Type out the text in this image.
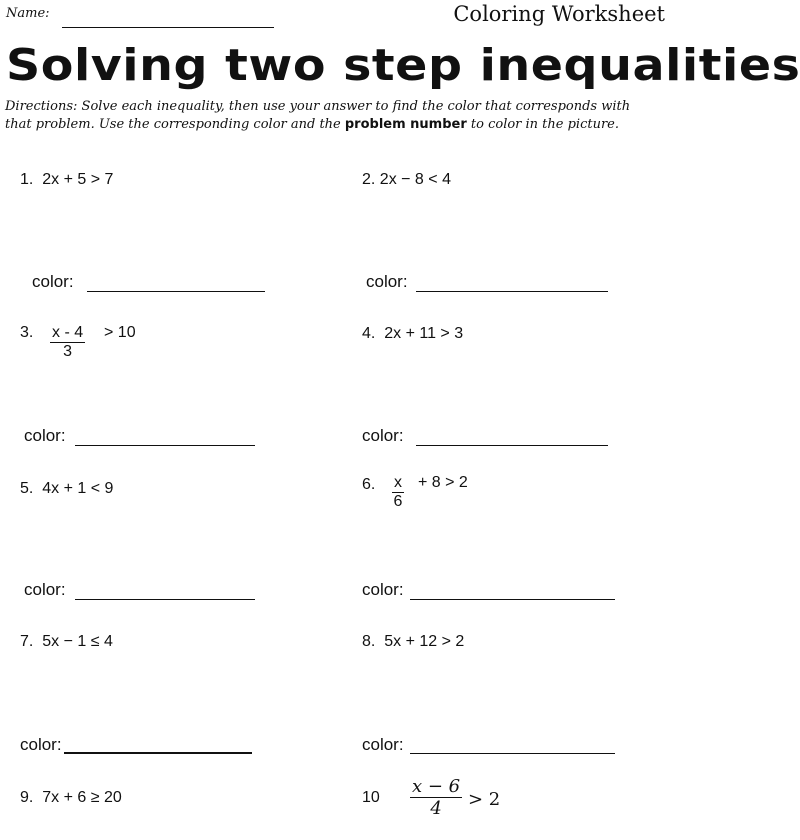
Name:	Coloring Worksheet
Solving two step inequalities
Directions: Solve each inequality, then use your answer to find the color that corresponds with that problem. Use the corresponding color and the problem number to color in the picture.
1. 2x + 5 > 7	2. 2x − 8 < 4
color:	color:
3. $\frac{x - 4}{3} > 10$	4. 2x + 11 > 3
color:	color:
5. 4x + 1 < 9	6. $\frac{x}{6} + 8 > 2$
color:	color:
7. 5x − 1 ≤ 4	8. 5x + 12 > 2
color:	color:
9. 7x + 6 ≥ 20	$10 \frac{x - 6}{4} > 2$
